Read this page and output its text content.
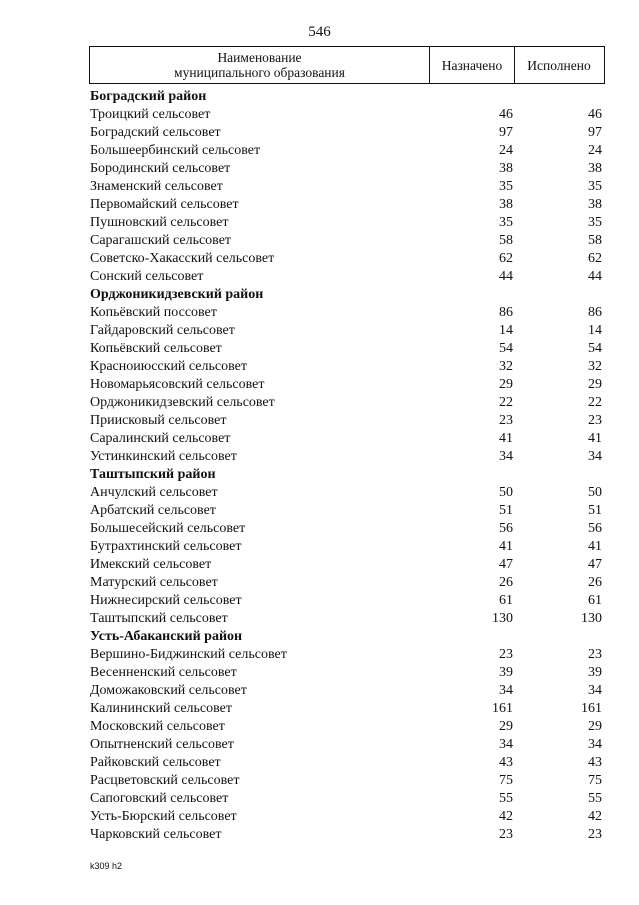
546
Наименование
муниципального образования	Назначено	Исполнено
Боградский район
Троицкий сельсовет	46	46
Боградский сельсовет	97	97
Большеербинский сельсовет	24	24
Бородинский сельсовет	38	38
Знаменский сельсовет	35	35
Первомайский сельсовет	38	38
Пушновский сельсовет	35	35
Сарагашский сельсовет	58	58
Советско-Хакасский сельсовет	62	62
Сонский сельсовет	44	44
Орджоникидзевский район
Копьёвский поссовет	86	86
Гайдаровский сельсовет	14	14
Копьёвский сельсовет	54	54
Красноиюсский сельсовет	32	32
Новомарьясовский сельсовет	29	29
Орджоникидзевский сельсовет	22	22
Приисковый сельсовет	23	23
Саралинский сельсовет	41	41
Устинкинский сельсовет	34	34
Таштыпский район
Анчулский сельсовет	50	50
Арбатский сельсовет	51	51
Большесейский сельсовет	56	56
Бутрахтинский сельсовет	41	41
Имекский сельсовет	47	47
Матурский сельсовет	26	26
Нижнесирский сельсовет	61	61
Таштыпский сельсовет	130	130
Усть-Абаканский район
Вершино-Биджинский сельсовет	23	23
Весенненский сельсовет	39	39
Доможаковский сельсовет	34	34
Калининский сельсовет	161	161
Московский сельсовет	29	29
Опытненский сельсовет	34	34
Райковский сельсовет	43	43
Расцветовский сельсовет	75	75
Сапоговский сельсовет	55	55
Усть-Бюрский сельсовет	42	42
Чарковский сельсовет	23	23
k309 h2
